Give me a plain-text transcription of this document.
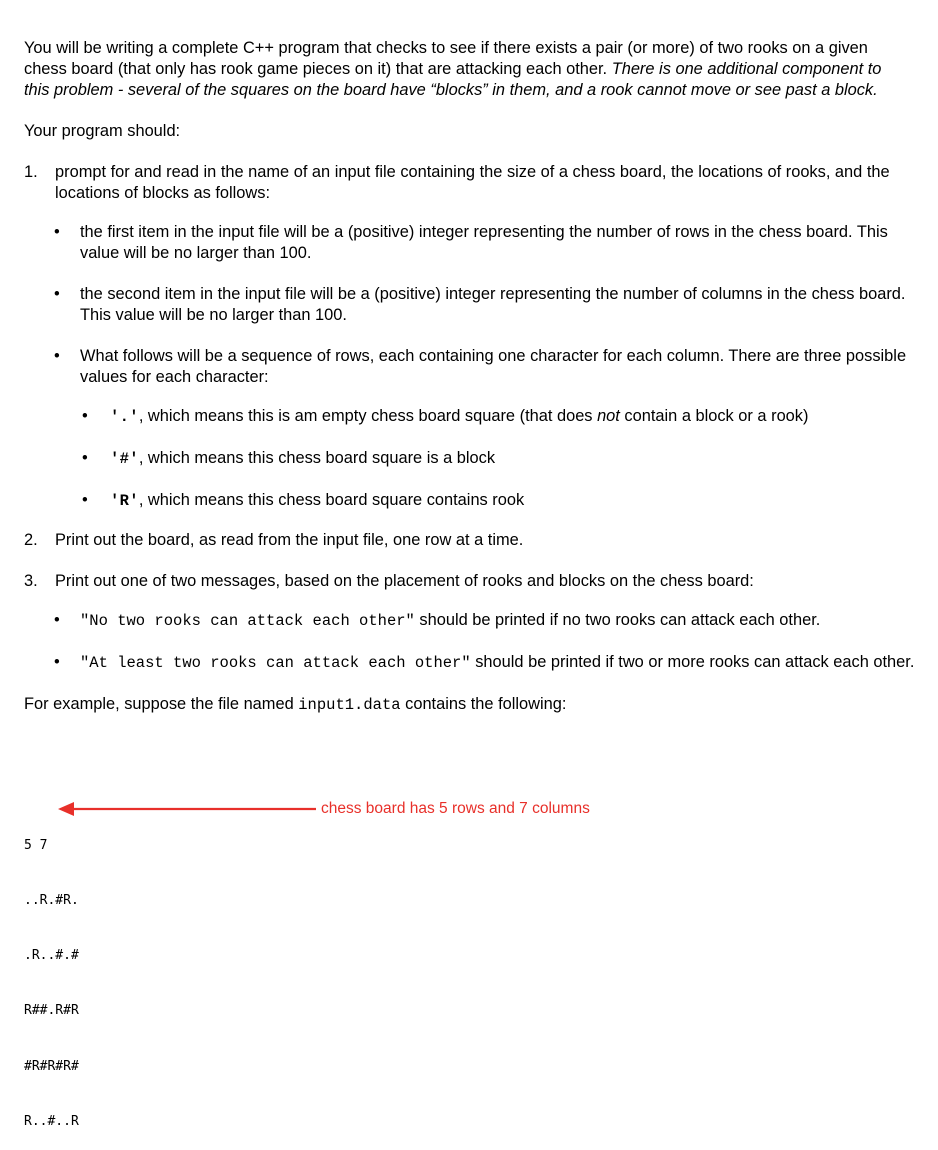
You will be writing a complete C++ program that checks to see if there exists a pair (or more) of two rooks on a given chess board (that only has rook game pieces on it) that are attacking each other. There is one additional component to this problem - several of the squares on the board have “blocks” in them, and a rook cannot move or see past a block.

Your program should:

1. prompt for and read in the name of an input file containing the size of a chess board, the locations of rooks, and the locations of blocks as follows:

• the first item in the input file will be a (positive) integer representing the number of rows in the chess board. This value will be no larger than 100.

• the second item in the input file will be a (positive) integer representing the number of columns in the chess board. This value will be no larger than 100.

• What follows will be a sequence of rows, each containing one character for each column. There are three possible values for each character:

• '.', which means this is am empty chess board square (that does not contain a block or a rook)

• '#', which means this chess board square is a block

• 'R', which means this chess board square contains rook

2. Print out the board, as read from the input file, one row at a time.

3. Print out one of two messages, based on the placement of rooks and blocks on the chess board:

• "No two rooks can attack each other" should be printed if no two rooks can attack each other.

• "At least two rooks can attack each other" should be printed if two or more rooks can attack each other.

For example, suppose the file named input1.data contains the following:

5 7

..R.#R.

.R..#.#

R##.R#R

#R#R#R#

R..#..R

chess board has 5 rows and 7 columns
